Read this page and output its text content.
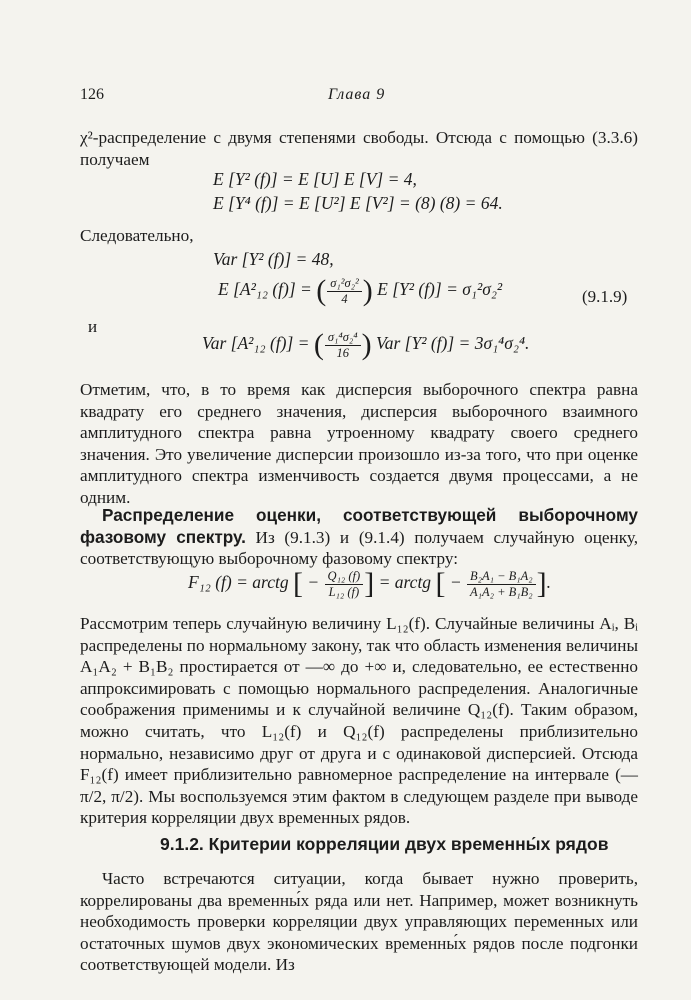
126	Глава 9

χ²-распределение с двумя степенями свободы. Отсюда с помощью (3.3.6) получаем

E [Y² (f)] = E [U] E [V] = 4,
E [Y⁴ (f)] = E [U²] E [V²] = (8) (8) = 64.

Следовательно,

Var [Y² (f)] = 48,
E [A²₁₂ (f)] = ( $\frac{\text{σ₁²σ₂²}}{4}$ ) E [Y² (f)] = σ₁²σ₂²	(9.1.9)
и
Var [A²₁₂ (f)] = ( $\frac{\text{σ₁⁴σ₂⁴}}{16}$ ) Var [Y² (f)] = 3σ₁⁴σ₂⁴.

Отметим, что, в то время как дисперсия выборочного спектра равна квадрату его среднего значения, дисперсия выборочного взаимного амплитудного спектра равна утроенному квадрату своего среднего значения. Это увеличение дисперсии произошло из-за того, что при оценке амплитудного спектра изменчивость создается двумя процессами, а не одним.

Распределение оценки, соответствующей выборочному фазовому спектру. Из (9.1.3) и (9.1.4) получаем случайную оценку, соответствующую выборочному фазовому спектру:

F₁₂ (f) = arctg [ − $\frac{\text{Q₁₂ (f)}}{\text{L₁₂ (f)}}$ ] = arctg [ − $\frac{\text{B₂A₁ − B₁A₂}}{\text{A₁A₂ + B₁B₂}}$ ].

Рассмотрим теперь случайную величину L₁₂(f). Случайные величины Aᵢ, Bᵢ распределены по нормальному закону, так что область изменения величины A₁A₂ + B₁B₂ простирается от —∞ до +∞ и, следовательно, ее естественно аппроксимировать с помощью нормального распределения. Аналогичные соображения применимы и к случайной величине Q₁₂(f). Таким образом, можно считать, что L₁₂(f) и Q₁₂(f) распределены приблизительно нормально, независимо друг от друга и с одинаковой дисперсией. Отсюда F₁₂(f) имеет приблизительно равномерное распределение на интервале (—π/2, π/2). Мы воспользуемся этим фактом в следующем разделе при выводе критерия корреляции двух временных рядов.

9.1.2. Критерии корреляции двух временны́х рядов

Часто встречаются ситуации, когда бывает нужно проверить, коррелированы два временны́х ряда или нет. Например, может возникнуть необходимость проверки корреляции двух управляющих переменных или остаточных шумов двух экономических временны́х рядов после подгонки соответствующей модели. Из
